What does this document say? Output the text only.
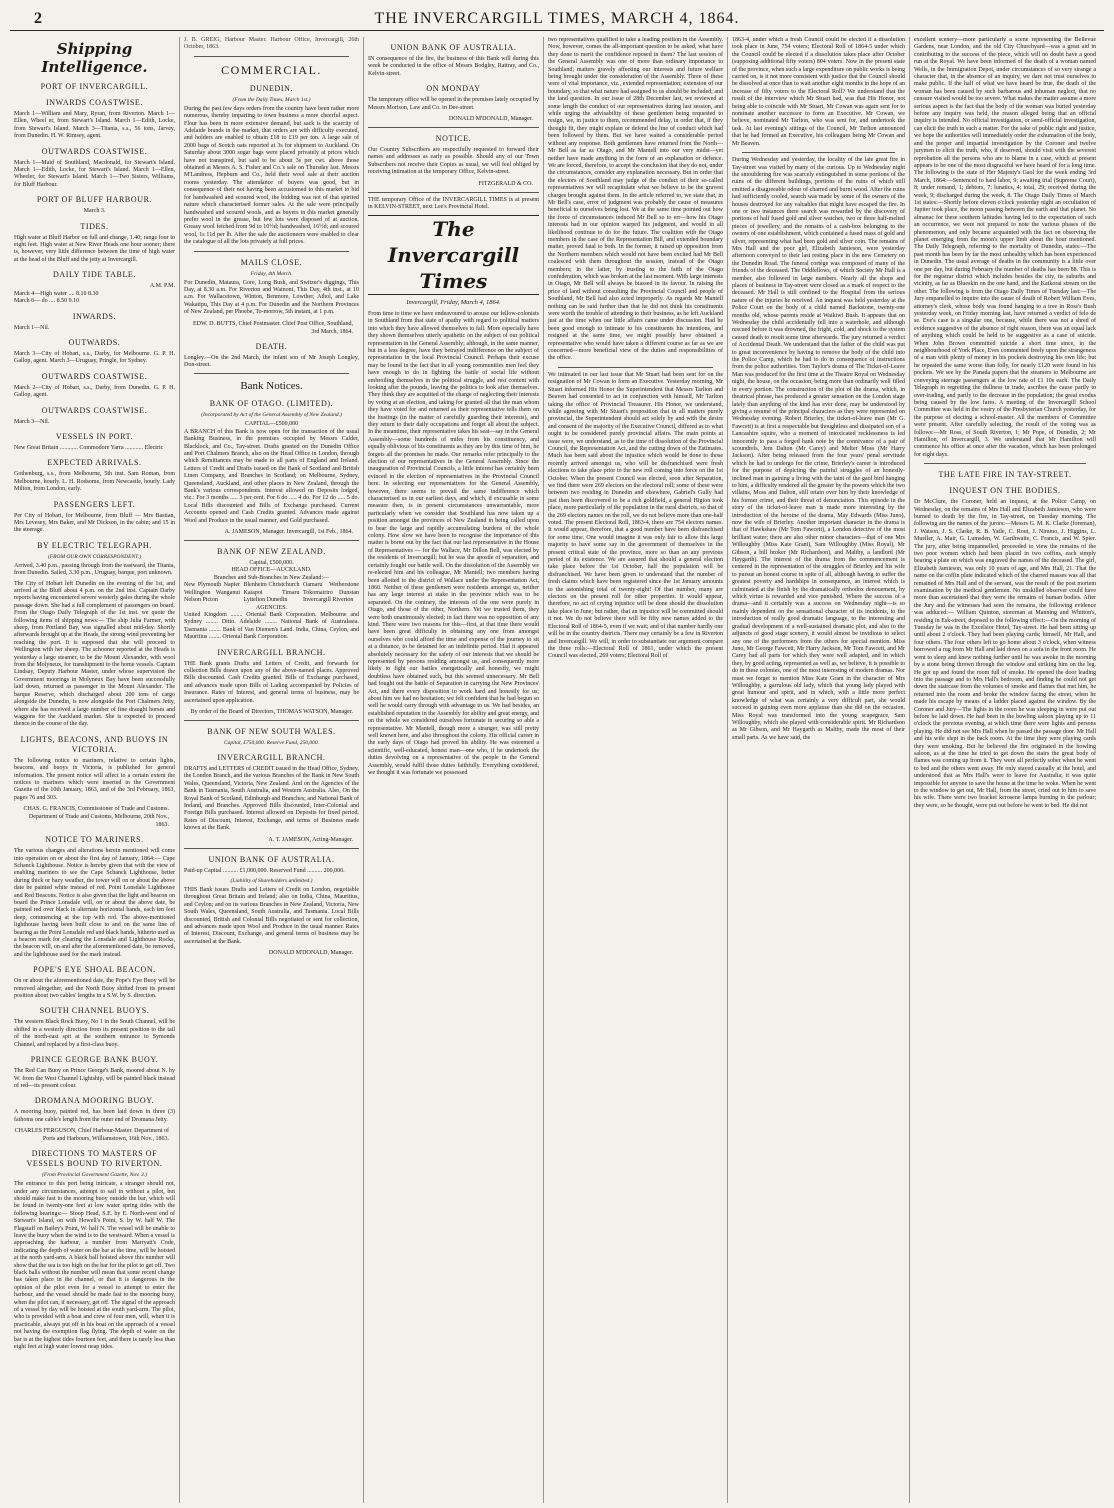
2	THE INVERCARGILL TIMES, MARCH 4, 1864.
Shipping Intelligence.
PORT OF INVERCARGILL.
INWARDS COASTWISE.
March 1—William and Mary, Ryran, from Riverton. March 1—Ellen, Wheel er, from Stewart's Island. March 1—Edith, Locke, from Stewart's Island. March 3—Titania, s.s., 56 tons, Jarvey, from Dunedin. H. W. Rimsey, agent.
OUTWARDS COASTWISE.
March 1—Maid of Southland, Macdonald, for Stewart's Island. March 1—Edith, Locke, for Stewart's Island. March 1—Ellen, Wheeler, for Stewart's Island. March 1—Two Sisters, Williams, for Bluff Harbour.
PORT OF BLUFF HARBOUR.
March 3.
TIDES.
High water at Bluff Harbor on full and change, 1.40; range four to eight feet. High water at New River Heads one hour sooner; there is, however, very little difference between the time of high water at the head of the Bluff and the jetty at Invercargill.
DAILY TIDE TABLE.
A.M. P.M.
March 4—High water .... 8.10 8.30
March 6— do .... 8.50 9.10
INWARDS.
March 1—Nil.
OUTWARDS.
March 3—City of Hobart, s.s., Darby, for Melbourne. G. P. H. Gallop, agent. March 3—Uruguay, Pringle, for Sydney.
OUTWARDS COASTWISE.
March 2—City of Hobart, s.s., Darby, from Dunedin. G. P. H. Gallop, agent.
OUTWARDS COASTWISE.
March 3—Nil.
VESSELS IN PORT.
New Great Britain ............ Commodore Yarra ............ Electric
EXPECTED ARRIVALS.
Gothenburg, s.s., from Melbourne, 5th inst. Sam Roman, from Melbourne, hourly. L. H. Rodsome, from Newcastle, hourly. Lady Milton, from London, early.
PASSENGERS LEFT.
Per City of Hobart, for Melbourne, from Bluff — Mrs Bastian, Mrs Levesey, Mrs Baker, and Mr Dickson, in the cabin; and 15 in the steerage.
BY ELECTRIC TELEGRAPH.
(FROM OUR OWN CORRESPONDENT.)
Arrived, 3.40 p.m., passing through from the eastward, the Titania, from Dunedin. Sailed, 3.30 p.m., Uruguay, barque, port unknown.
The City of Hobart left Dunedin on the evening of the 1st, and arrived at the Bluff about 4 p.m. on the 2nd inst. Captain Darby reports having encountered severe westerly gales during the whole passage down. She had a full complement of passengers on board. From the Otago Daily Telegraph of the 1st inst. we quote the following items of shipping news:— The ship Julia Farmer, with sheep, from Portland Bay, was signalled about mid-day. Shortly afterwards brought up at the Heads, the strong wind preventing her reaching the port. It is supposed that she will proceed to Wellington with her sheep. The schooner reported at the Heads is yesterday a large steamer, to be the Mount Alexander, with wool from the Molyneux, for transhipment to the home vessels. Captain Lindsay, Deputy Harbour Master, under whose supervision the Government moorings in Molyneux Bay have been successfully laid down, returned as passenger in the Mount Alexander. The barque Reserve, which discharged about 200 tons of cargo alongside the Dunedin, is now alongside the Port Chalmers Jetty, where she has received a large number of fine draught horses and waggons for the Auckland market. She is expected to proceed thence in the course of the day.
LIGHTS, BEACONS, AND BUOYS IN VICTORIA.
The following notice to mariners, relative to certain lights, beacons, and buoys in Victoria, is published for general information. The present notice will affect to a certain extent the notices to mariners which were inserted in the Government Gazette of the 10th January, 1863, and of the 3rd February, 1863, pages 76 and 303.
CHAS. G. FRANCIS, Commissioner of Trade and Customs. Department of Trade and Customs, Melbourne, 20th Nov., 1863.
NOTICE TO MARINERS.
The various changes and alterations herein mentioned will come into operation on or about the first day of January, 1864:— Cape Schanck Lighthouse. Notice is hereby given that with the view of enabling mariners to see the Cape Schanck Lighthouse, better during thick or hazy weather, the tower will on or about the above date be painted white instead of red. Point Lonsdale Lighthouse and Red Beacons. Notice is also given that the light and beacon on board the Prince Lonsdale will, on or about the above date, be painted red over black in alternate horizontal bands, each ten feet deep, commencing at the top with red. The above-mentioned lighthouse having been built close to and on the same line of bearing as the Point Lonsdale red and black bands, hitherto used as a beacon mark for clearing the Lonsdale and Lighthouse Rocks, the beacon will, on and after the aforementioned date, be removed, and the lighthouse used for the mark instead.
POPE'S EYE SHOAL BEACON.
On or about the aforementioned date, the Pope's Eye Buoy will be removed altogether, and the North Buoy shifted from its present position about two cables' lengths in a S.W. by S. direction.
SOUTH CHANNEL BUOYS.
The western Black Rock Buoy, No 1 in the South Channel, will be shifted in a westerly direction from its present position to the tail of the north-east spit at the southern entrance to Symonds Channel, and replaced by a first-class buoy.
PRINCE GEORGE BANK BUOY.
The Red Can Buoy on Prince George's Bank, moored about N. by W. from the West Channel Lightship, will be painted black instead of red—its present colour.
DROMANA MOORING BUOY.
A mooring buoy, painted red, has been laid down in three (3) fathoms one cable's length from the outer end of Dromana Jetty.
CHARLES FERGUSON, Chief Harbour-Master. Department of Ports and Harbours, Williamstown, 16th Nov., 1863.
DIRECTIONS TO MASTERS OF VESSELS BOUND TO RIVERTON.
(From Provincial Government Gazette, Nov. 3.)
The entrance to this port being intricate, a stranger should not, under any circumstances, attempt to sail in without a pilot, but should make fast to the mooring buoy outside the bar, which will be found in twenty-one feet at low water spring tides with the following bearings:— Stoop Head, S.E. by E. North-west end of Stewart's Island, on with Howell's Point, S. by W. half W. The Flagstaff on Bailey's Point, W. half N. The vessel will be unable to leave the buoy when the wind is to the westward. When a vessel is approaching the harbour, a number from Marryatt's Code, indicating the depth of water on the bar at the time, will be hoisted at the north yard-arm. A black ball hoisted above this number will show that the sea is too high on the bar for the pilot to get off. Two black balls without the number will mean that some recent change has taken place in the channel, or that it is dangerous in the opinion of the pilot even for a vessel to attempt to enter the harbour, and the vessel should be made fast to the mooring buoy, when the pilot can, if necessary, get off. The signal of the approach of a vessel by day will be hoisted at the south yard-arm. The pilot, who is provided with a boat and crew of four men, will, when it is practicable, always put off in his boat on the approach of a vessel not having the exemption flag flying. The depth of water on the bar is at the highest tides fourteen feet, and there is rarely less than eight feet at high water lowest neap tides.
J. B. GREIG, Harbour Master. Harbour Office, Invercargill, 26th October, 1863.
COMMERCIAL.
DUNEDIN.
(From the Daily Times, March 1st.)
During the past few days orders from the country have been rather more numerous, thereby imparting to town business a more cheerful aspect. Flour has been in more extensive demand, but sack is the scarcity of Adelaide brands in the market, that orders are with difficulty executed, and holders are enabled to obtain £18 to £19 per ton. A large sale of 2000 bags of Scotch oats reported at 3s for shipment to Auckland. On Saturday about 3000 sugar bags were placed privately at prices which have not transpired, but said to be about 3s per cwt. above those obtained at Messrs A. S. Fisher and Co.'s sale on Thursday last. Messrs M'Landress, Hepburn and Co., held their wool sale at their auction rooms yesterday. The attendance of buyers was good, but in consequence of their not having been accustomed to this market to bid for handwashed and scoured wool, the bidding was not of that spirited nature which characterised former sales. At the sale were principally handwashed and scoured wools, and as buyers in this market generally prefer wool in the grease, but few lots were disposed of at auction. Greasy wool fetched from 9d to 10½d; handwashed, 16½d; and scoured wool, 1s 11d per lb. After the sale the auctioneers were enabled to clear the catalogue of all the lots privately at full prices.
MAILS CLOSE.
Friday, 4th March.
For Dunedin, Mataura, Gore, Long Bush, and Switzer's diggings, This Day, at 8.30 a.m. For Riverton and Wainoni, This Day, 4th inst., at 10 a.m. For Wallacetown, Winton, Benmore, Lowther, Athol, and Lake Wakatipu, This Day at 4 p.m. For Dunedin and the Northern Provinces of New Zealand, per Phoebe, To-morrow, 5th instant, at 1 p.m.
EDW. D. BUTTS, Chief Postmaster. Chief Post Office, Southland, 3rd March, 1864.
DEATH.
Longley.—On the 2nd March, the infant son of Mr Joseph Longley, Don-street.
Bank Notices.
BANK OF OTAGO. (LIMITED).
(Incorporated by Act of the General Assembly of New Zealand.)
CAPITAL—£500,000
A BRANCH of this Bank is now open for the transaction of the usual Banking Business, in the premises occupied by Messrs Calder, Blacklock, and Co., Tay-street. Drafts granted on the Dunedin Office and Port Chalmers Branch, also on the Head Office in London, through which Remittances may be made to all parts of England and Ireland. Letters of Credit and Drafts issued on the Bank of Scotland and British Linen Company, and Branches in Scotland; on Melbourne, Sydney, Queensland, Auckland, and other places in New Zealand, through the Bank's various correspondents. Interest allowed on Deposits lodged, viz.: For 3 months ..... 3 per cent. For 6 do ..... 4 do. For 12 do ..... 5 do. Local Bills discounted and Bills of Exchange purchased. Current Accounts opened and Cash Credits granted. Advances made against Wool and Produce in the usual manner, and Gold purchased.
A. JAMESON, Manager. Invercargill, 1st Feb., 1864.
BANK OF NEW ZEALAND.
Capital, £500,000.
HEAD OFFICE—AUCKLAND.
Branches and Sub-Branches in New Zealand:—
New Plymouth Napier Wellington Wanganui Nelson Picton
Blenheim Christchurch Kaiapoi Timaru Lyttelton Dunedin
Oamaru Wetherstone Tokomairiro Dunstan Invercargill Riverton
AGENCIES.
United Kingdom ........ Oriental Bank Corporation. Melbourne and Sydney ........ Ditto. Adelaide ........ National Bank of Australasia. Tasmania ........ Bank of Van Diemen's Land. India, China, Ceylon, and Mauritius ........ Oriental Bank Corporation.
INVERCARGILL BRANCH.
THE Bank grants Drafts and Letters of Credit, and forwards for collection Bills drawn upon any of the above-named places. Approved Bills discounted. Cash Credits granted. Bills of Exchange purchased, and advances made upon Bills of Lading accompanied by Policies of Insurance. Rates of Interest, and general terms of business, may be ascertained upon application.
By order of the Board of Directors, THOMAS WATSON, Manager.
BANK OF NEW SOUTH WALES.
Capital, £750,000. Reserve Fund, 250,000.
INVERCARGILL BRANCH.
DRAFTS and LETTERS of CREDIT issued in the Head Office, Sydney, the London Branch, and the various Branches of the Bank in New South Wales, Queensland, Victoria, New Zealand. And on the Agencies of the Bank in Tasmania, South Australia, and Western Australia. Also, On the Royal Bank of Scotland, Edinburgh and Branches; and National Bank of Ireland, and Branches. Approved Bills discounted, Inter-Colonial and Foreign Bills purchased. Interest allowed on Deposits for fixed period. Rates of Discount, Interest, Exchange, and terms of Business made known at the Bank.
A. T. JAMESON, Acting-Manager.
UNION BANK OF AUSTRALIA.
Paid-up Capital .......... £1,000,000. Reserved Fund .......... 200,000.
(Liability of Shareholders unlimited.)
THIS Bank issues Drafts and Letters of Credit on London, negotiable throughout Great Britain and Ireland; also on India, China, Mauritius, and Ceylon; and on its various Branches in New Zealand, Victoria, New South Wales, Queensland, South Australia, and Tasmania. Local Bills discounted, British and Colonial Bills negotiated or sent for collection, and advances made upon Wool and Produce in the usual manner. Rates of Interest, Discount, Exchange, and general terms of business may be ascertained at the Bank.
DONALD M'DONALD, Manager.
UNION BANK OF AUSTRALIA.
IN consequence of the fire, the business of this Bank will during this week be conducted in the office of Messrs Bodgley, Rattray, and Co., Kelvin-street.
ON MONDAY
The temporary office will be opened in the premises lately occupied by Messrs Morison, Law and Co. in Dee-street.
DONALD M'DONALD, Manager.
NOTICE.
Our Country Subscribers are respectfully requested to forward their names and addresses as early as possible. Should any of our Town Subscribers not receive their Copies as usual, we will feel obliged by receiving intimation at the temporary Office, Kelvin-street.
FITZGERALD & CO.
THE temporary Office of the INVERCARGILL TIMES is at present in KELVIN-STREET, next Lee's Provincial Hotel.
The Invercargill Times
Invercargill, Friday, March 4, 1864.
From time to time we have endeavoured to arouse our fellow-colonists in Southland from that state of apathy with regard to political matters into which they have allowed themselves to fall. More especially have they shown themselves utterly apathetic on the subject of our political representation in the General Assembly; although, in the same manner, but in a less degree, have they betrayed indifference on the subject of representation in the local Provincial Council. Perhaps their excuse may be found in the fact that in all young communities men feel they have enough to do in fighting the battle of social life without embroiling themselves in the political struggle, and rest content with looking after the pounds, leaving the politics to look after themselves. They think they are acquitted of the charge of neglecting their interests by voting at an election, and taking for granted all that the man whom they have voted for and returned as their representative tells them on the hustings (in the matter of carefully guarding their interests), and they return to their daily occupations and forget all about the subject. In the meantime, their representative takes his seat—say in the General Assembly—some hundreds of miles from his constituency, and equally oblivious of his constituents as they are by this time of him, he forgets all the promises he made. Our remarks refer principally to the election of our representatives in the General Assembly. Since the inauguration of Provincial Councils, a little interest has certainly been evinced in the election of representatives in the Provincial Council here. In selecting our representatives for the General Assembly, however, there seems to prevail the same indifference which characterised us in our earliest days, and which, if excusable in some measure then, is in present circumstances unwarrantable, more particularly when we consider that Southland has now taken up a position amongst the provinces of New Zealand in being called upon to bear the large and rapidly accumulating burdens of the whole colony. How slow we have been to recognise the importance of this matter is borne out by the fact that our last representative in the House of Representatives — for the Wallace, Mr Dillon Bell, was elected by the residents of Invercargill; but he was the apostle of separation, and certainly fought our battle well. On the dissolution of the Assembly we re-elected him and his colleague, Mr Mantell; two members having been allotted to the district of Wallace under the Representation Act, 1860. Neither of these gentlemen were residents amongst us, neither has any large interest at stake in the province which was to be separated. On the contrary, the interests of the one were purely in Otago, and those of the other, Northern. Yet we trusted them, they were both unanimously elected; in fact there was no opposition of any kind. There were two reasons for this—first, at that time there would have been great difficulty in obtaining any one from amongst ourselves who could afford the time and expense of the journey to sit at a distance, to be detained for an indefinite period. Had it appeared absolutely necessary for the safety of our interests that we should be represented by persons residing amongst us, and consequently more likely to fight our battles energetically and honestly, we might doubtless have obtained such, but this seemed unnecessary. Mr Bell had fought out the battle of Separation in carrying the New Provinces' Act, and there every disposition to work hard and honestly for us; about him we had no hesitation; we felt confident that he had begun so well he would carry through with advantage to us. We had besides, an established reputation in the Assembly for ability and great energy, and on the whole we considered ourselves fortunate in securing so able a representative. Mr Mantell, though more a stranger, was still pretty well known here, and also throughout the colony. His official career in the early days of Otago had proved his ability. He was esteemed a scientific, well-educated, honest man—one who, if he undertook the duties devolving on a representative of the people in the General Assembly, would fulfil those duties faithfully. Everything considered, we thought it was fortunate we possessed
two representatives qualified to take a leading position in the Assembly. Now, however, comes the all-important question to be asked, what have they done to merit the confidence reposed in them? The last session of the General Assembly was one of more than ordinary importance to Southland; matters gravely affecting our interests and future welfare being brought under the consideration of the Assembly. Three of these were of vital importance, viz., extended representation; extension of our boundary, so that what nature had assigned to us should be included; and the land question. In our issue of 28th December last, we reviewed at some length the conduct of our representatives during last session, and while urging the advisability of these gentlemen being requested to resign, we, in justice to them, recommended delay, in order that, if they thought fit, they might explain or defend the line of conduct which had been followed by them. But we have waited a considerable period without any response. Both gentlemen have returned from the North—Mr Bell as far as Otago, and Mr Mantell into our very midst—yet neither have made anything in the form of an explanation or defence. We are forced, therefore, to accept the conclusion that they do not, under the circumstances, consider any explanation necessary. But in order that the electors of Southland may judge of the conduct of their so-called representatives we will recapitulate what we believe to be the gravest charges brought against them. In the article referred to, we state that, in Mr Bell's case, error of judgment was probably the cause of measures beneficial to ourselves being lost. We at the same time pointed out how the force of circumstances induced Mr Bell so to err—how his Otago interests had in our opinion warped his judgment, and would in all likelihood continue to do for the future. The coalition with the Otago members in the case of the Representation Bill, and extended boundary matter, proved fatal to both. In the former, it raised up opposition from the Northern members which would not have been excited had Mr Bell coalesced with them throughout the session, instead of the Otago members; in the latter, by trusting to the faith of the Otago confederation, which was broken at the last moment. With large interests in Otago, Mr Bell will always be biassed in its favour. In raising the price of land without consulting the Provincial Council and people of Southland, Mr Bell had also acted improperly. As regards Mr Mantell nothing can be said further than that he did not think his constituents were worth the trouble of attending to their business, as he left Auckland just at the time when our little affairs came under discussion. Had he been good enough to intimate to his constituents his intentions, and resigned at the same time, we might possibly have obtained a representative who would have taken a different course as far as we are concerned—more beneficial view of the duties and responsibilities of the office.
We intimated in our last issue that Mr Stuart had been sent for on the resignation of Mr Cowan to form an Executive. Yesterday morning, Mr Stuart informed His Honor the Superintendent that Messrs Tarlton and Beaven had consented to act in conjunction with himself, Mr Tarlton taking the office of Provincial Treasurer. His Honor, we understand, while agreeing with Mr Stuart's proposition that in all matters purely provincial, the Superintendent should act solely by and with the desire and consent of the majority of the Executive Council, differed as to what ought to be considered purely provincial affairs. The main points at issue were, we understand, as to the time of dissolution of the Provincial Council, the Representation Act, and the cutting down of the Estimates. Much has been said about the injustice which would be done to those recently arrived amongst us, who will be disfranchised were fresh elections to take place prior to the new roll coming into force on the 1st October. When the present Council was elected, soon after Separation, we find there were 269 electors on the electoral roll; some of these were between two residing in Dunedin and elsewhere, Gabriel's Gully had just then been discovered to be a rich goldfield, a general Higion took place, more particularly of the population in the rural districts, so that of the 269 electors names on the roll, we do not believe more than one-half voted. The present Electoral Roll, 1863-4, there are 754 electors names. It would appear, therefore, that a good number have been disfranchised for some time. One would imagine it was only fair to allow this large majority to have some say in the government of themselves in the present critical state of the province, more so than an any previous period of its existence. We are assured that should a general election take place before the 1st October, half the population will be disfranchised. We have been given to understand that the number of fresh claims which have been registered since the 1st January amounts to the astonishing total of twenty-eight! Of that number, many are electors on the present roll for other properties. It would appear, therefore, no act of crying injustice will be done should the dissolution take place in June; but rather, that an injustice will be committed should it not. We do not believe there will be fifty new names added to the Electoral Roll of 1864-5, even if we wait; and of that number hardly one will be in the country districts. There may certainly be a few in Riverton and Invercargill. We will, in order to substantiate our argument compare the three rolls:—Electoral Roll of 1861, under which the present Council was elected, 269 voters; Electoral Roll of
1863-4, under which a fresh Council could be elected if a dissolution took place in June, 754 voters; Electoral Roll of 1864-5 under which the Council could be elected if a dissolution takes place after October (supposing additional fifty voters) 804 voters. Now in the present state of the province, when such a large expenditure on public works is being carried on, is it not more consistent with justice that the Council should be dissolved at once than to wait another eight months in the hope of an increase of fifty voters to the Electoral Roll? We understand that the result of the interview which Mr Stuart had, was that His Honor, not being able to coincide with Mr Stuart, Mr Cowan was again sent for to nominate another successor to form an Executive. Mr Cowan, we believe, nominated Mr Tarlton, who was sent for, and undertook the task. At last evening's sittings of the Council, Mr Tarlton announced that he had formed an Executive, his colleagues being Mr Cowan and Mr Beaven.
During Wednesday and yesterday, the locality of the late great fire in Tay-street was visited by many of the curious. Up to Wednesday night the smouldering fire was scarcely extinguished in some portions of the ruins of the different buildings, portions of the ruins of which still emitted a disagreeable odour of charred and burnt wood. After the ruins had sufficiently cooled, search was made by some of the owners of the houses destroyed for any valuables that might have escaped the fire. In one or two instances there search was rewarded by the discovery of portions of half fused gold and silver watches, two or three half-melted pieces of jewellery, and the remains of a cash-box belonging to the owners of one establishment, which contained a fused mass of gold and silver, representing what had been gold and silver coin. The remains of Mrs Hall and the poor girl, Elizabeth Jamieson, were yesterday afternoon conveyed to their last resting place in the new Cemetery on the Dunedin Road. The funeral cortège was composed of many of the friends of the deceased. The Oddfellows, of which Society Mr Hall is a member, also followed in large numbers. Nearly all the shops and places of business in Tay-street were closed as a mark of respect to the deceased. Mr Hall is still confined to the Hospital from the serious nature of the injuries he received. An inquest was held yesterday at the Police Court on the body of a child named Backstone, twenty-one months old, whose parents reside at Waikiwi Bush. It appears that on Wednesday the child accidentally fell into a waterhole, and although rescued before it was drowned, the fright, cold, and shock to the system caused death to result some time afterwards. The jury returned a verdict of Accidental Death. We understand that the father of the child was put to great inconvenience by having to remove the body of the child into the Police Camp, which he had to do in consequence of instructions from the police authorities. Tom Taylor's drama of The Ticket-of-Leave Man was produced for the first time at the Theatre Royal on Wednesday night, the house, on the occasion, being more than ordinarily well filled in every portion. The construction of the plot of the drama, which, in theatrical phrase, has produced a greater sensation on the London stage lately than anything of the kind has ever done, may be understood by giving a resumé of the principal characters as they were represented on Wednesday evening. Robert Brierley, the ticket-of-leave man (Mr G. Fawcett) is at first a respectable but thoughtless and dissipated son of a Lancashire squire, who a moment of intoxicated recklessness is led innocently to pass a forged bank note by the connivance of a pair of scoundrels, Jem Dalton (Mr Carey) and Melter Moss (Mr Harry Jackson). After being released from the four years' penal servitude which he had to undergo for the crime, Brierley's career is introduced for the purpose of depicting the painful struggles of an honestly-inclined man in gaining a living with the taint of the gaol bird hanging to him, a difficulty rendered all the greater by the powers which the two villains, Moss and Dalton, still retain over him by their knowledge of his former crime, and their threat of denunciation. This episode in the story of the ticket-of-leave man is made more interesting by the introduction of the heroine of the drama, May Edwards (Miss Juno), now the wife of Brierley. Another important character in the drama is that of Hawkshaw (Mr Tom Fawcett), a London detective of the most brilliant water; there are also other minor characters—that of one Mrs Willoughby (Miss Kate Grant), Sam Willoughby (Miss Royal), Mr Gibson, a bill broker (Mr Richardson), and Maltby, a landlord (Mr Haygarth). The interest of the drama from the commencement is centered in the representation of the struggles of Brierley and his wife to pursue an honest course in spite of all, although having to suffer the greatest poverty and hardships in consequence, an interest which is culminated at the finish by the dramatically orthodox denouement, by which virtue is rewarded and vice punished. Where the success of a drama—and it certainly was a success on Wednesday night—is so mainly dependent on the sensational character of its incidents, to the introduction of really good dramatic language, to the interesting and gradual development of a well-sustained dramatic plot, and also to the adjuncts of good stage scenery, it would almost be invidious to select any one of the performers from the others for special mention. Miss Juno, Mr George Fawcett, Mr Harry Jackson, Mr Tom Fawcett, and Mr Carey had all parts for which they were well adapted, and in which they, by good acting, represented as well as, we believe, it is possible to do in these colonies, one of the most interesting of modern dramas. Nor must we forget to mention Miss Kate Grant in the character of Mrs Willoughby, a garrulous old lady, which that young lady played with great humour and spirit, and in which, with a little more perfect knowledge of what was certainly a very difficult part, she would succeed in gaining even more applause than she did on the occasion. Miss Royal was transformed into the young scapegrace, Sam Willoughby, which she played with considerable spirit. Mr Richardson as Mr Gibson, and Mr Haygarth as Maltby, made the most of their small parts. As we have said, the
excellent scenery—more particularly a scene representing the Bellevue Gardens, near London, and the old City Churchyard—was a great aid in contributing to the success of the piece, which will no doubt have a good run at the Royal. We have been informed of the death of a woman named Wells, in the Immigration Depot, under circumstances of so very strange a character that, in the absence of an inquiry, we dare not trust ourselves to make public. If the half of what we have heard be true, the death of the woman has been caused by such barbarous and inhuman neglect, that no censure visited would be too severe. What makes the matter assume a more serious aspect is the fact that the body of the woman was buried yesterday before any inquiry was held, the reason alleged being that an official inquiry is intended. No official investigation, or semi-official investigation, can elicit the truth in such a matter. For the sake of public right and justice, we hope the authorities will immediately order the exhumation of the body, and the proper and impartial investigation by the Coroner and twelve jurymen to elicit the truth, who, if deserved, should visit with the severest reprobation all the persons who are to blame in a case, which at present appears to be one of the most disgraceful we have heard of for a long time. The following is the state of Her Majesty's Gaol for the week ending 3rd March, 1864:—Sentenced to hard labor, 9; awaiting trial (Supreme Court), 8; under remand, 1; debtors, 7; lunatics, 4; total, 29; received during the week, 9; discharged during the week, 8. The Otago Daily Times of March 1st states:—Shortly before eleven o'clock yesterday night an occultation of Jupiter took place, the moon passing between the earth and that planet. No almanac for these southern latitudes having led to the expectation of such an occurrence, we were not prepared to note the various phases of the phenomenon, and only became acquainted with the fact on observing the planet emerging from the moon's upper limb about the hour mentioned. The Daily Telegraph, referring to the mortality of Dunedin, states:—The past month has been by far the most unhealthy which has been experienced in Dunedin. The usual average of deaths in the community is a little over one per day, but during February the number of deaths has been 88. This is for the registrar district which includes besides the city, its suburbs and vicinity, as far as Blueskin on the one hand, and the Kaikorai stream on the other. The following is from the Otago Daily Times of Tuesday last:—The Jury empanelled to inquire into the cause of death of Robert William Eves, attorney's clerk, whose body was found hanging to a tree in Ross's Bush yesterday week, on Friday morning last, have returned a verdict of felo de se. Eve's case is a singular one, because, while there was not a shred of evidence suggestive of the absence of right reason, there was an equal lack of anything which could be held to be suggestive as a case of suicide. When John Brown committed suicide a short time since, in the neighbourhood of York Place, Eves commented freely upon the strangeness of a man with plenty of money in his pockets destroying his own life; but he repeated the same worse than folly, for nearly £120 were found in his pockets. We see by the Panada papers that the steamers to Melbourne are conveying steerage passengers at the low rate of £1 10s each. The Daily Telegraph in regretting the dullness in trade, ascribes the cause partly to over-trading, and partly to the decrease in the population; the great exodus being caused by the low fares. A meeting of the Invercargill School Committee was held in the vestry of the Presbyterian Church yesterday, for the purpose of electing a school-master. All the members of Committee were present. After carefully selecting, the result of the voting was as follows:—Mr Ross, of South Riverton, 1; Mr Pope, of Dunedin, 2; Mr Hamilton, of Invercargill, 3. We understand that Mr Hamilton will commence his office at once after the vacation, which has been prolonged for eight days.
THE LATE FIRE IN TAY-STREET.
INQUEST ON THE BODIES.
Dr McClure, the Coroner, held an inquest, at the Police Camp, on Wednesday, on the remains of Mrs Hall and Elizabeth Jamieson, who were burned to death by the fire, in Tay-street, on Tuesday morning. The following are the names of the jurors:—Messrs G. M. K. Clarke (foreman), J. Watson, J. S. Clarke, R. B. Yatle, C. Rout, J. Nimmo, J. Higgins, L. Mueller, A. Mair, G. Lumsden, W. Garthwaite, C. Francis, and W. Spier. The jury, after being impannelled, proceeded to view the remains of the two poor women which had been placed in two coffins, each simply bearing a plate on which was engraved the names of the deceased. The girl, Elizabeth Jamieson, was only 10 years of age, and Mrs Hall, 21. That the name on the coffin plate indicated which of the charred masses was all that remained of Mrs Hall and of the servant, was the result of the post mortem examination by the medical gentlemen. No unskilled observer could have more than ascertained that they were the remains of human bodies. After the Jury and the witnesses had seen the remains, the following evidence was adduced:— William Quinton, storeman at Manning and Whitton's, residing in Esk-street, deposed to the following effect:—On the morning of Tuesday he was in the Excelsior Hotel, Tay-street. He had been sitting up until about 2 o'clock. They had been playing cards; himself, Mr Hall, and four others. The four others left to go home about 3 o'clock, when witness borrowed a rug from Mr Hall and laid down on a sofa in the front room. He went to sleep and knew nothing further until he was awoke in the morning by a stone being thrown through the window and striking him on the leg. He got up and found the room full of smoke. He opened the door leading into the passage and to Mrs Hall's bedroom, and finding he could not get down the staircase from the volumes of smoke and flames that met him, he returned into the room and broke the window facing the street, when he made his escape by means of a ladder placed against the window. By the Coroner and Jury—The lights in the room he was sleeping in were put out before he laid down. He had been in the bowling saloon playing up to 11 o'clock the previous evening, at which time there were lights and persons playing. He did not see Mrs Hall when he passed the passage door. Mr Hall and his wife slept in the back room. At the time they were playing cards they were smoking. But he believed the fire originated in the bowling saloon, as at the time he tried to get down the stairs the great body of flames was coming up from it. They were all perfectly sober when he went to bed and the others went away. He only stayed casually at the hotel, and understood that as Mrs Hall's were to leave for Australia; it was quite impossible for anyone to save the house at the time he woke. When he went to the window to get out, Mr Hall, from the street, cried out to him to save his wife. There were two bracket kerosene lamps burning in the parlour; they were, so he thought, were put out before he went to bed. He did not
